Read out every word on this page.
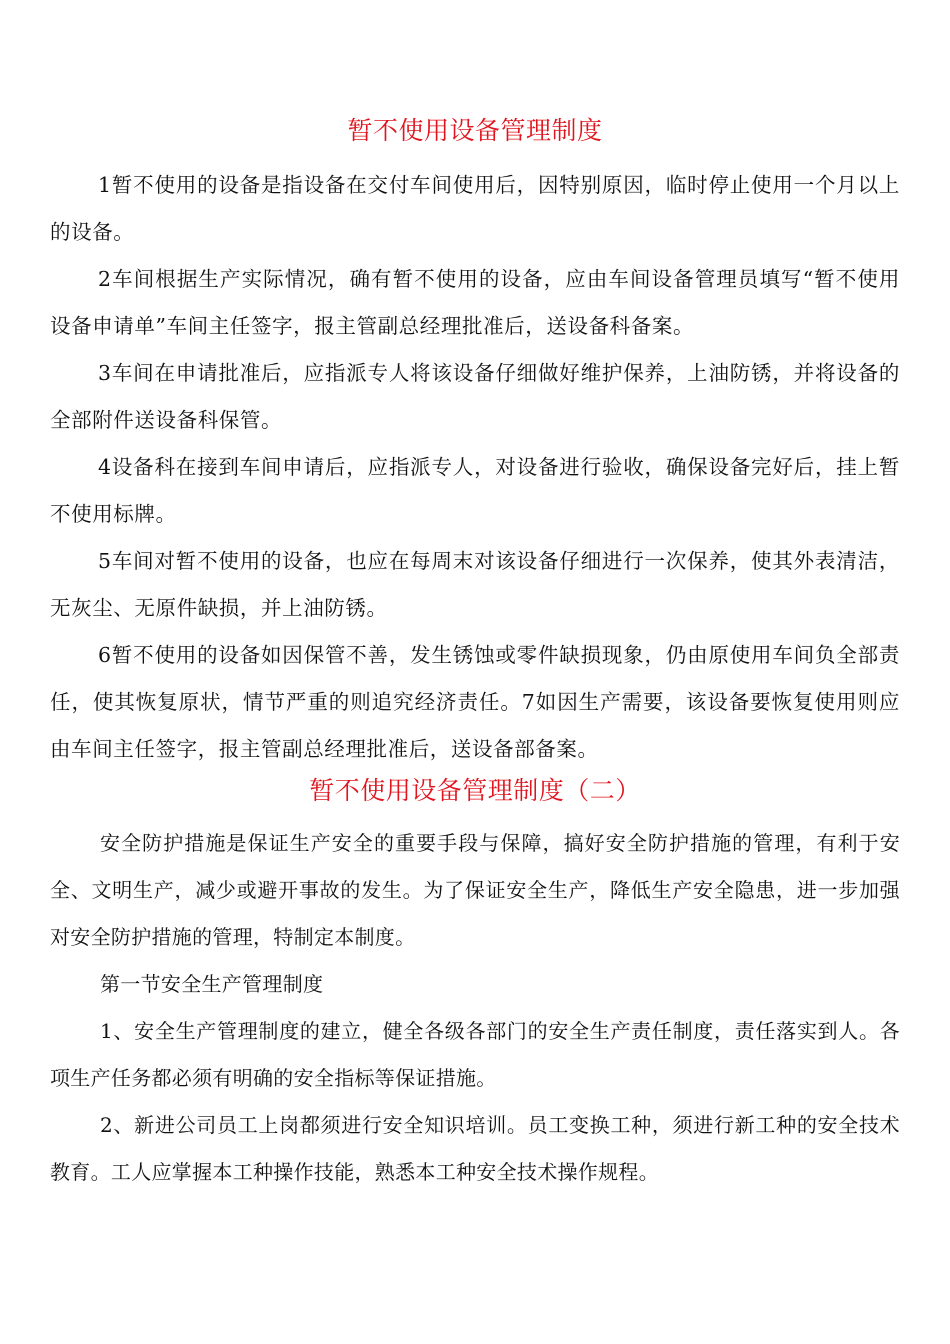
暂不使用设备管理制度

1暂不使用的设备是指设备在交付车间使用后，因特别原因，临时停止使用一个月以上的设备。

2车间根据生产实际情况，确有暂不使用的设备，应由车间设备管理员填写“暂不使用设备申请单”车间主任签字，报主管副总经理批准后，送设备科备案。

3车间在申请批准后，应指派专人将该设备仔细做好维护保养，上油防锈，并将设备的全部附件送设备科保管。

4设备科在接到车间申请后，应指派专人，对设备进行验收，确保设备完好后，挂上暂不使用标牌。

5车间对暂不使用的设备，也应在每周末对该设备仔细进行一次保养，使其外表清洁，无灰尘、无原件缺损，并上油防锈。

6暂不使用的设备如因保管不善，发生锈蚀或零件缺损现象，仍由原使用车间负全部责任，使其恢复原状，情节严重的则追究经济责任。7如因生产需要，该设备要恢复使用则应由车间主任签字，报主管副总经理批准后，送设备部备案。

暂不使用设备管理制度（二）

安全防护措施是保证生产安全的重要手段与保障，搞好安全防护措施的管理，有利于安全、文明生产，减少或避开事故的发生。为了保证安全生产，降低生产安全隐患，进一步加强对安全防护措施的管理，特制定本制度。

第一节安全生产管理制度

1、安全生产管理制度的建立，健全各级各部门的安全生产责任制度，责任落实到人。各项生产任务都必须有明确的安全指标等保证措施。

2、新进公司员工上岗都须进行安全知识培训。员工变换工种，须进行新工种的安全技术教育。工人应掌握本工种操作技能，熟悉本工种安全技术操作规程。
